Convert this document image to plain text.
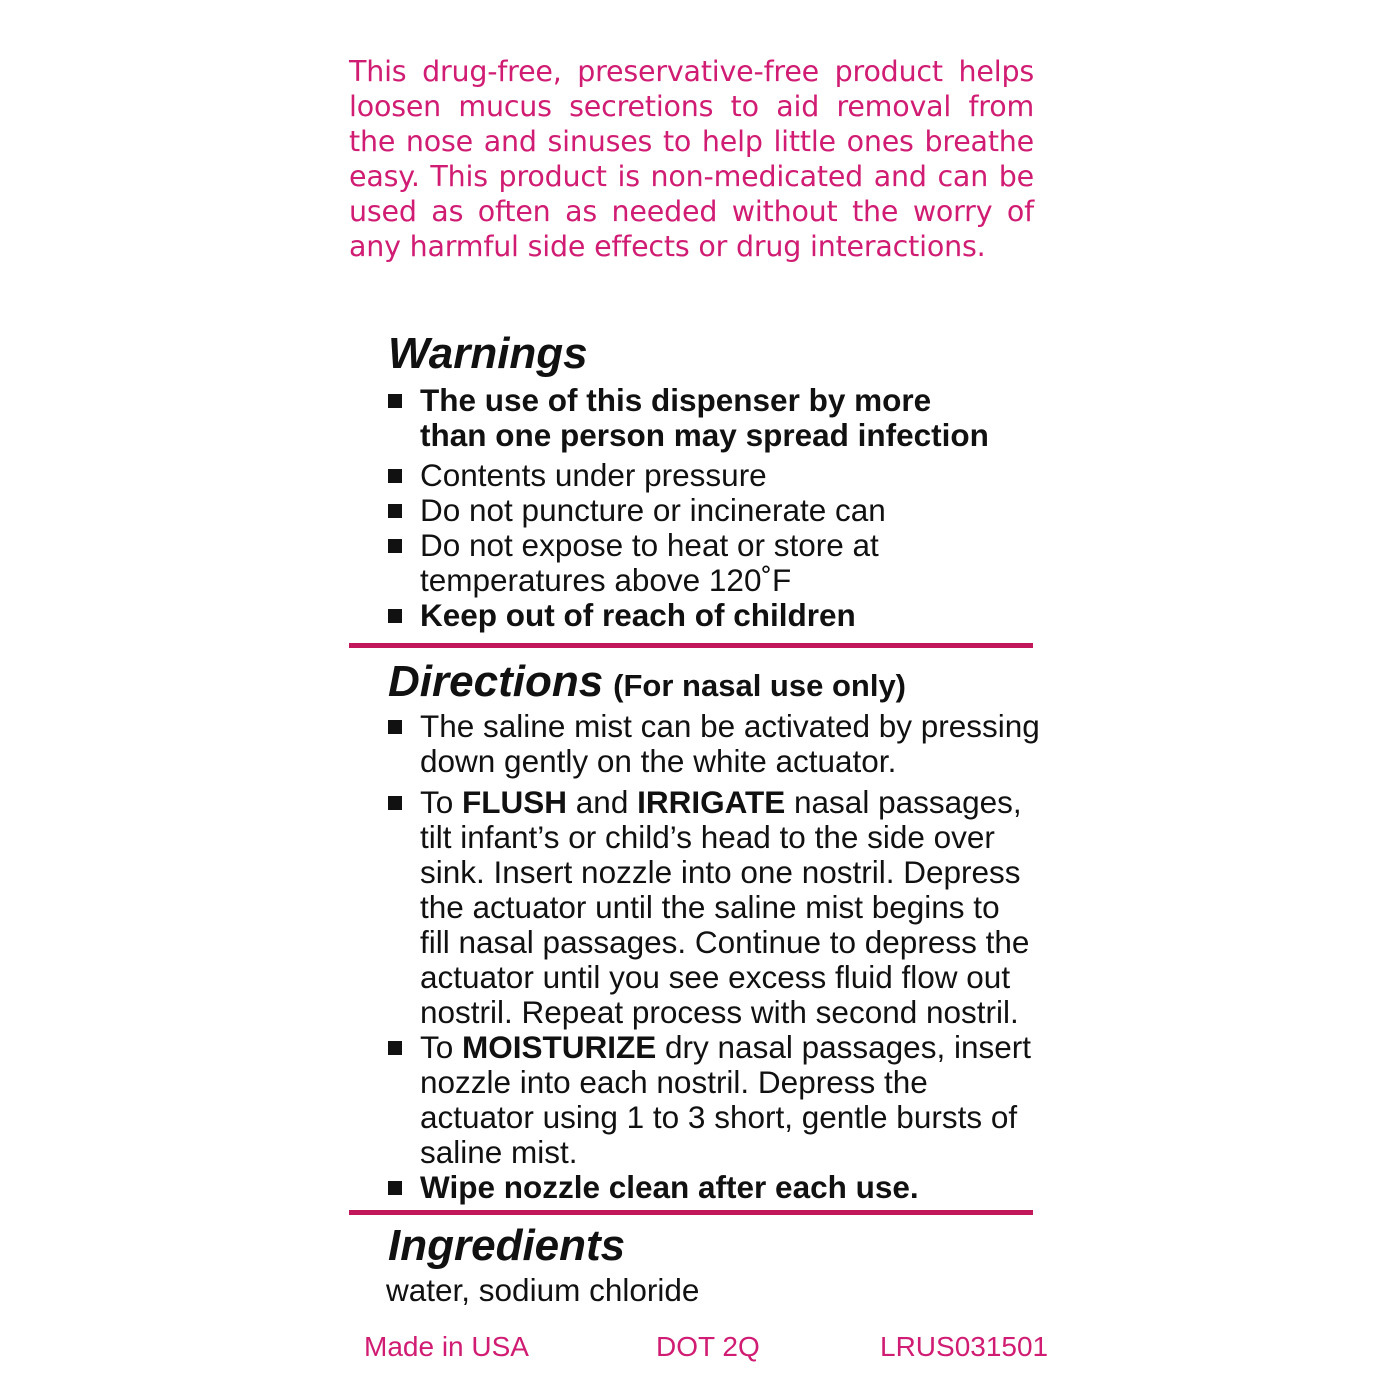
This drug-free, preservative-free product helps loosen mucus secretions to aid removal from the nose and sinuses to help little ones breathe easy. This product is non-medicated and can be used as often as needed without the worry of any harmful side effects or drug interactions.

Warnings
The use of this dispenser by more
than one person may spread infection
Contents under pressure
Do not puncture or incinerate can
Do not expose to heat or store at
temperatures above 120˚F
Keep out of reach of children
Directions (For nasal use only)
The saline mist can be activated by pressing
down gently on the white actuator.
To FLUSH and IRRIGATE nasal passages,
tilt infant’s or child’s head to the side over
sink. Insert nozzle into one nostril. Depress
the actuator until the saline mist begins to
fill nasal passages. Continue to depress the
actuator until you see excess fluid flow out
nostril. Repeat process with second nostril.
To MOISTURIZE dry nasal passages, insert
nozzle into each nostril. Depress the
actuator using 1 to 3 short, gentle bursts of
saline mist.
Wipe nozzle clean after each use.
Ingredients

water, sodium chloride

Made in USA	DOT 2Q	LRUS031501
